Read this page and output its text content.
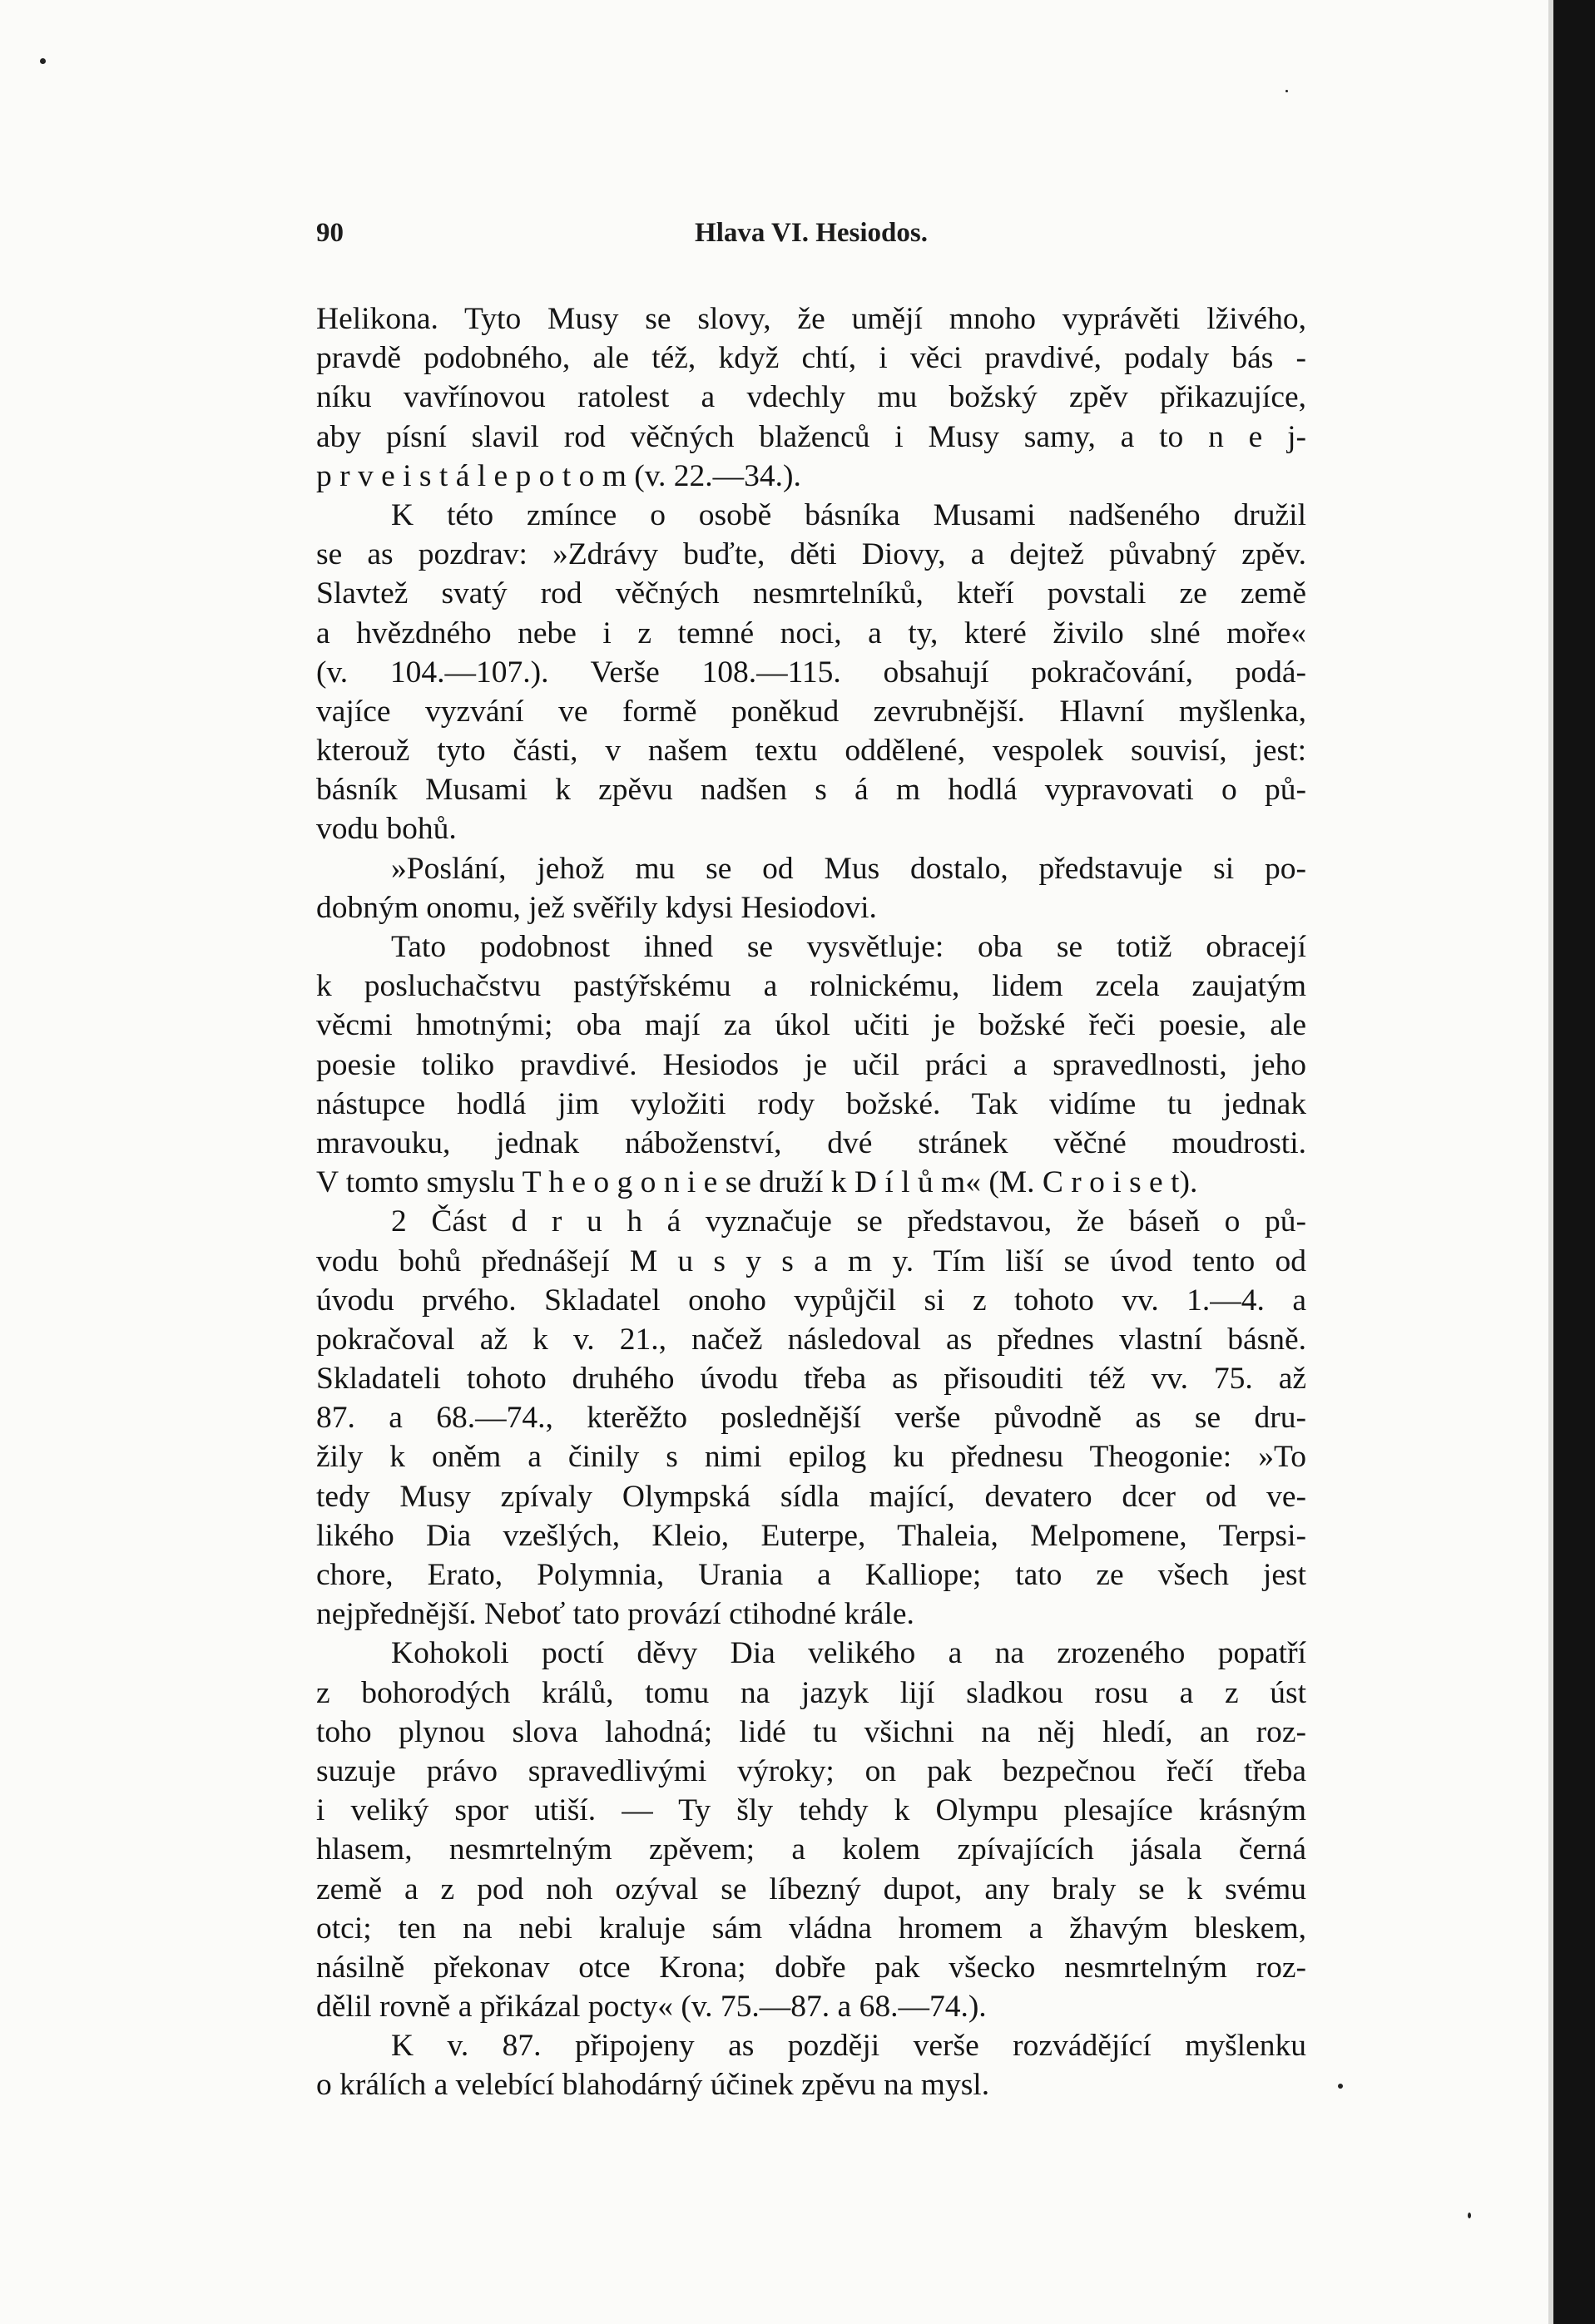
90	Hlava VI. Hesiodos.
Helikona. Tyto Musy se slovy, že umějí mnoho vyprávěti lživého,
pravdě podobného, ale též, když chtí, i věci pravdivé, podaly bás -
níku vavřínovou ratolest a vdechly mu božský zpěv přikazujíce,
aby písní slavil rod věčných blaženců i Musy samy, a to n e j-
p r v e i s t á l e p o t o m (v. 22.—34.).
K této zmínce o osobě básníka Musami nadšeného družil
se as pozdrav: »Zdrávy buďte, děti Diovy, a dejtež půvabný zpěv.
Slavtež svatý rod věčných nesmrtelníků, kteří povstali ze země
a hvězdného nebe i z temné noci, a ty, které živilo slné moře«
(v. 104.—107.). Verše 108.—115. obsahují pokračování, podá-
vajíce vyzvání ve formě poněkud zevrubnější. Hlavní myšlenka,
kterouž tyto části, v našem textu oddělené, vespolek souvisí, jest:
básník Musami k zpěvu nadšen s á m hodlá vypravovati o pů-
vodu bohů.
»Poslání, jehož mu se od Mus dostalo, představuje si po-
dobným onomu, jež svěřily kdysi Hesiodovi.
Tato podobnost ihned se vysvětluje: oba se totiž obracejí
k posluchačstvu pastýřskému a rolnickému, lidem zcela zaujatým
věcmi hmotnými; oba mají za úkol učiti je božské řeči poesie, ale
poesie toliko pravdivé. Hesiodos je učil práci a spravedlnosti, jeho
nástupce hodlá jim vyložiti rody božské. Tak vidíme tu jednak
mravouku, jednak náboženství, dvé stránek věčné moudrosti.
V tomto smyslu T h e o g o n i e se druží k D í l ů m« (M. C r o i s e t).
2 Část d r u h á vyznačuje se představou, že báseň o pů-
vodu bohů přednášejí M u s y s a m y. Tím liší se úvod tento od
úvodu prvého. Skladatel onoho vypůjčil si z tohoto vv. 1.—4. a
pokračoval až k v. 21., načež následoval as přednes vlastní básně.
Skladateli tohoto druhého úvodu třeba as přisouditi též vv. 75. až
87. a 68.—74., kterěžto poslednější verše původně as se dru-
žily k oněm a činily s nimi epilog ku přednesu Theogonie: »To
tedy Musy zpívaly Olympská sídla mající, devatero dcer od ve-
likého Dia vzešlých, Kleio, Euterpe, Thaleia, Melpomene, Terpsi-
chore, Erato, Polymnia, Urania a Kalliope; tato ze všech jest
nejpřednější. Neboť tato provází ctihodné krále.
Kohokoli poctí děvy Dia velikého a na zrozeného popatří
z bohorodých králů, tomu na jazyk lijí sladkou rosu a z úst
toho plynou slova lahodná; lidé tu všichni na něj hledí, an roz-
suzuje právo spravedlivými výroky; on pak bezpečnou řečí třeba
i veliký spor utiší. — Ty šly tehdy k Olympu plesajíce krásným
hlasem, nesmrtelným zpěvem; a kolem zpívajících jásala černá
země a z pod noh ozýval se líbezný dupot, any braly se k svému
otci; ten na nebi kraluje sám vládna hromem a žhavým bleskem,
násilně překonav otce Krona; dobře pak všecko nesmrtelným roz-
dělil rovně a přikázal pocty« (v. 75.—87. a 68.—74.).
K v. 87. připojeny as později verše rozvádějící myšlenku
o králích a velebící blahodárný účinek zpěvu na mysl.
